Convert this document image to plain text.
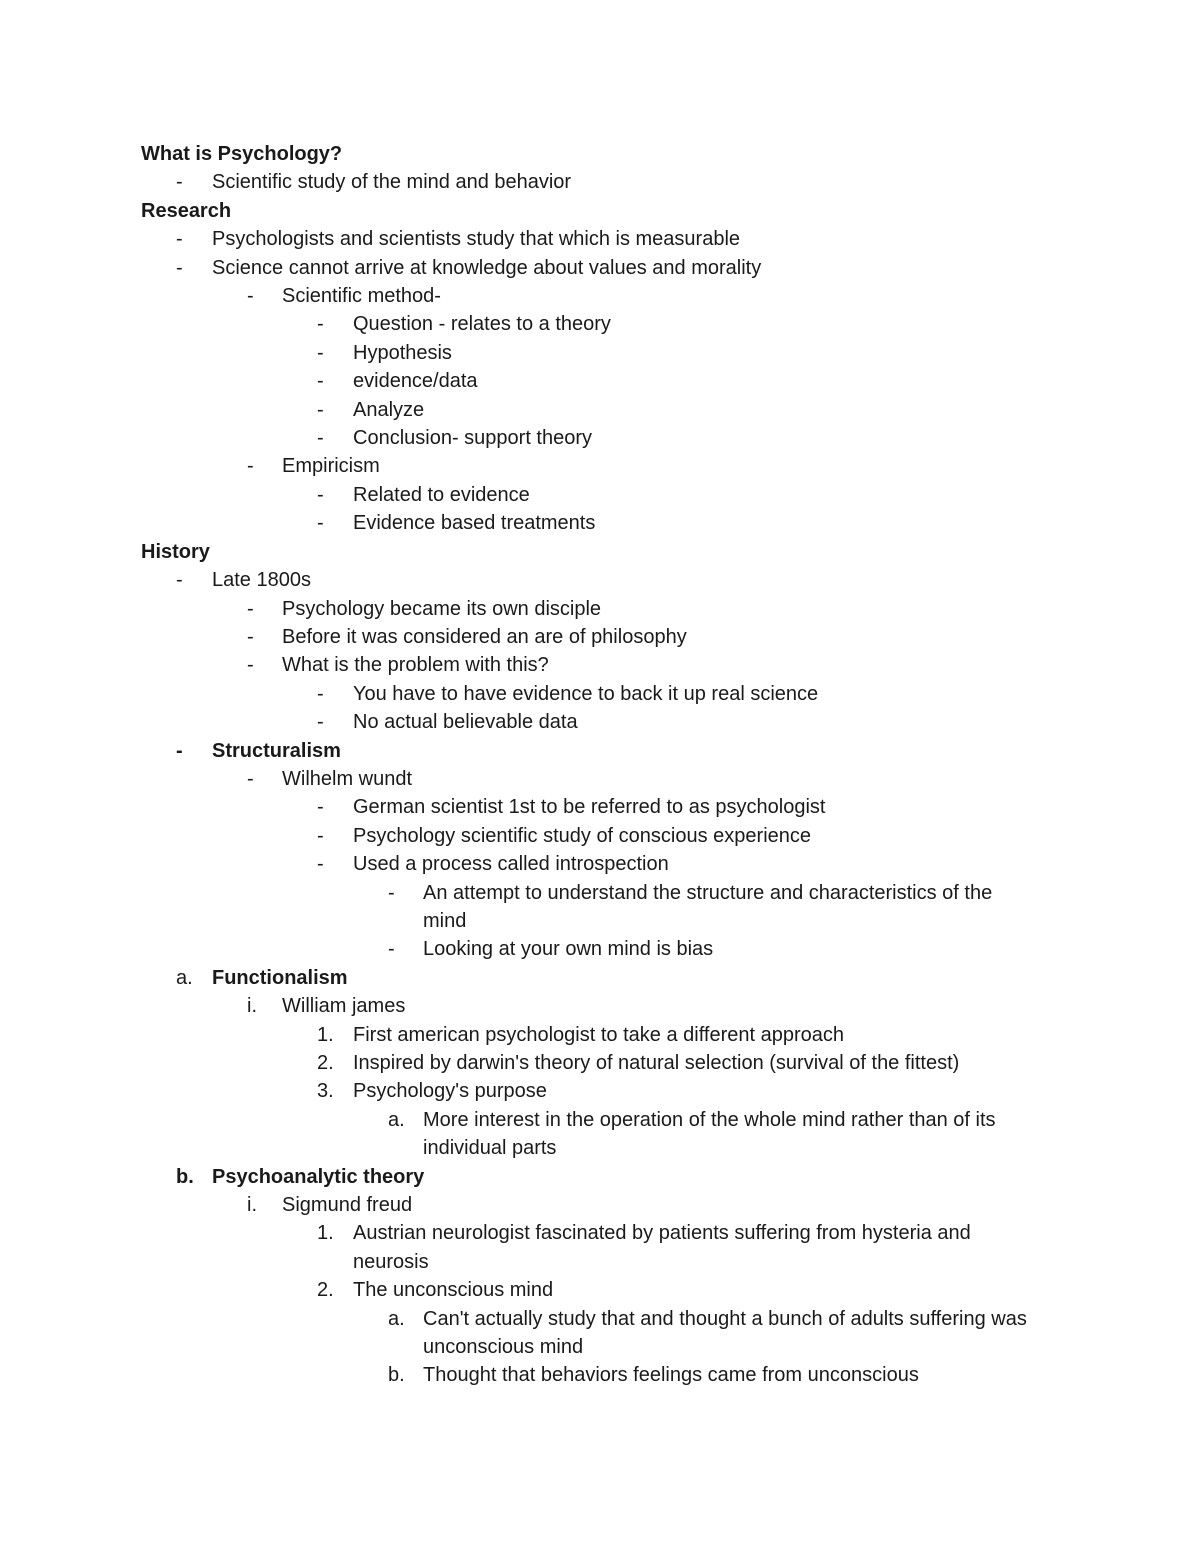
What is Psychology?
- Scientific study of the mind and behavior
Research
- Psychologists and scientists study that which is measurable
- Science cannot arrive at knowledge about values and morality
- Scientific method-
- Question - relates to a theory
- Hypothesis
- evidence/data
- Analyze
- Conclusion- support theory
- Empiricism
- Related to evidence
- Evidence based treatments
History
- Late 1800s
- Psychology became its own disciple
- Before it was considered an are of philosophy
- What is the problem with this?
- You have to have evidence to back it up real science
- No actual believable data
- Structuralism
- Wilhelm wundt
- German scientist 1st to be referred to as psychologist
- Psychology scientific study of conscious experience
- Used a process called introspection
- An attempt to understand the structure and characteristics of the mind
- Looking at your own mind is bias
a. Functionalism
i. William james
1. First american psychologist to take a different approach
2. Inspired by darwin's theory of natural selection (survival of the fittest)
3. Psychology's purpose
a. More interest in the operation of the whole mind rather than of its individual parts
b. Psychoanalytic theory
i. Sigmund freud
1. Austrian neurologist fascinated by patients suffering from hysteria and neurosis
2. The unconscious mind
a. Can't actually study that and thought a bunch of adults suffering was unconscious mind
b. Thought that behaviors feelings came from unconscious
